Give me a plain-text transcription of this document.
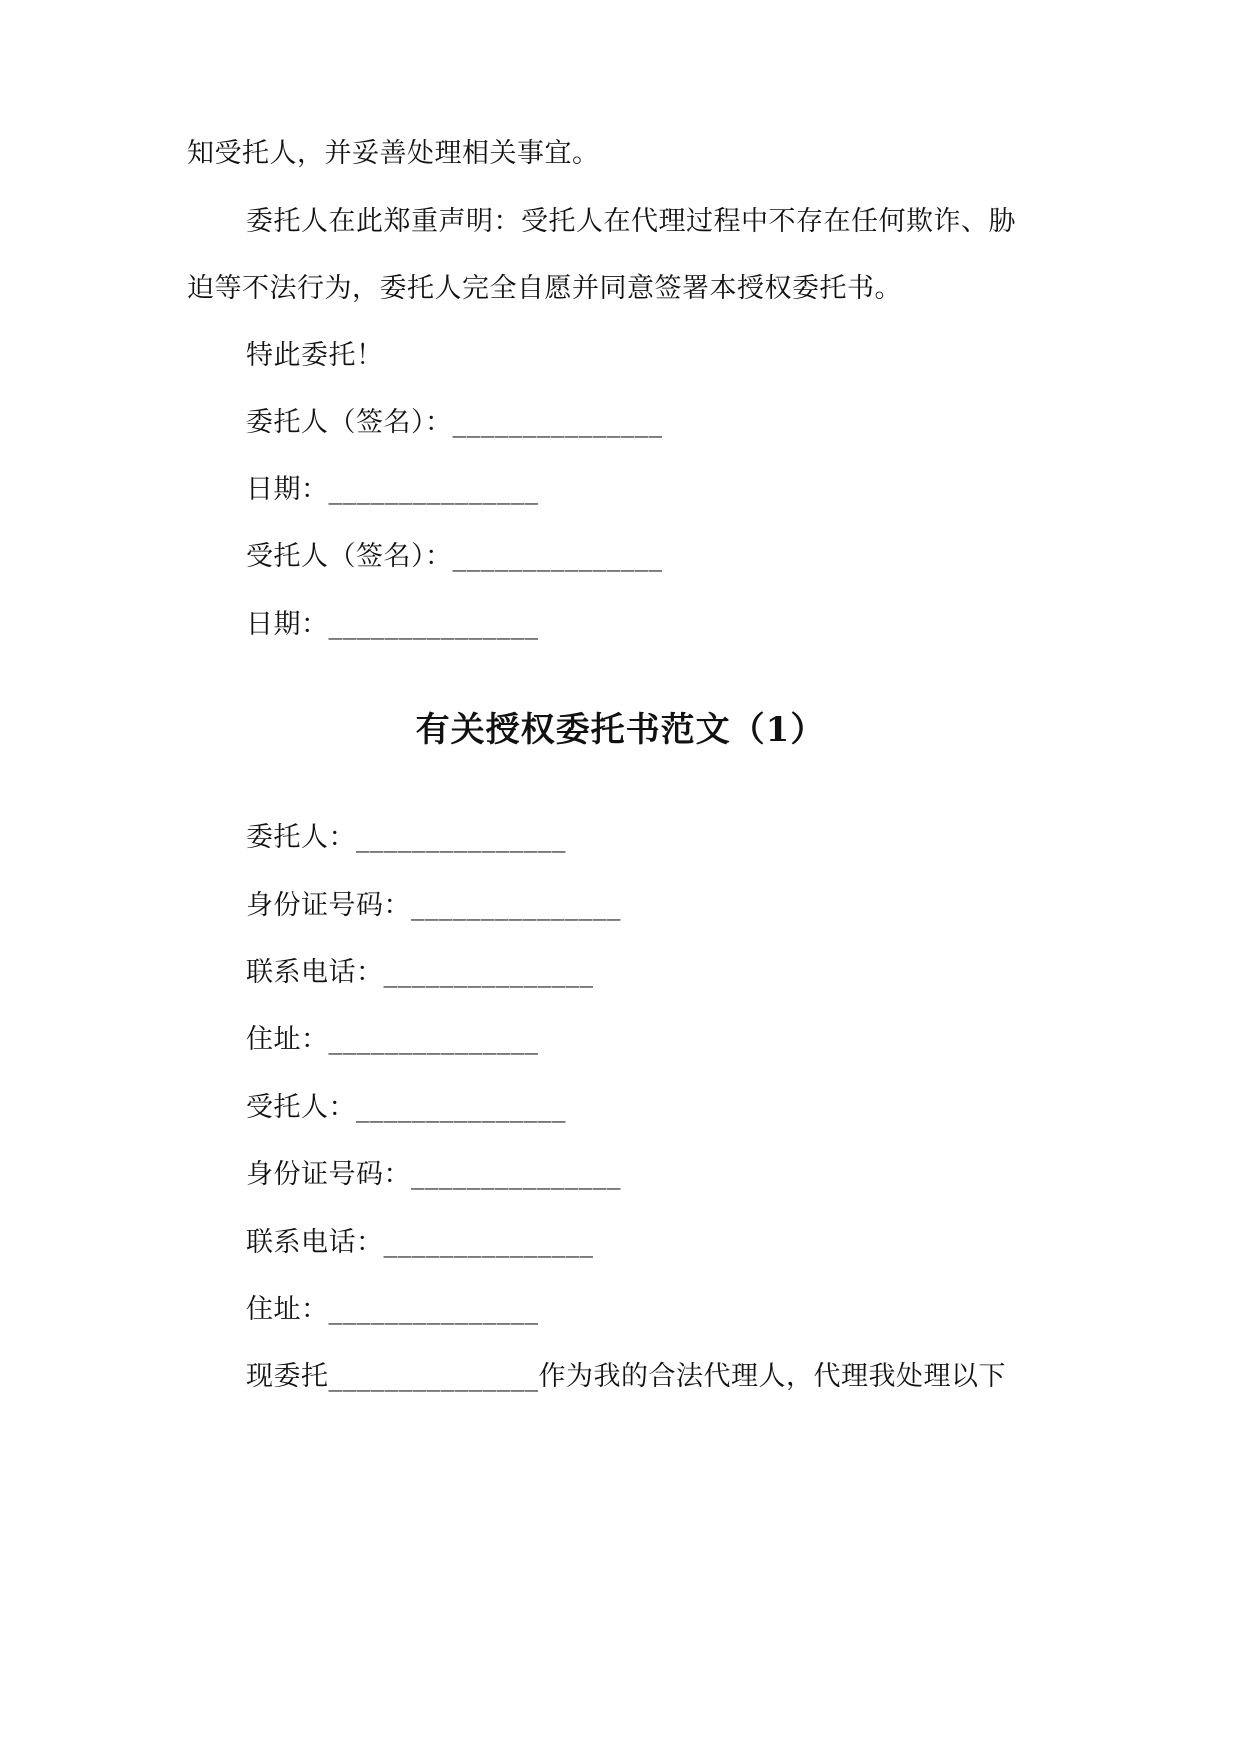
知受托人，并妥善处理相关事宜。

委托人在此郑重声明：受托人在代理过程中不存在任何欺诈、胁

迫等不法行为，委托人完全自愿并同意签署本授权委托书。

特此委托！

委托人（签名）：_______________

日期：_______________

受托人（签名）：_______________

日期：_______________

有关授权委托书范文（1）

委托人：_______________

身份证号码：_______________

联系电话：_______________

住址：_______________

受托人：_______________

身份证号码：_______________

联系电话：_______________

住址：_______________

现委托_______________作为我的合法代理人，代理我处理以下
